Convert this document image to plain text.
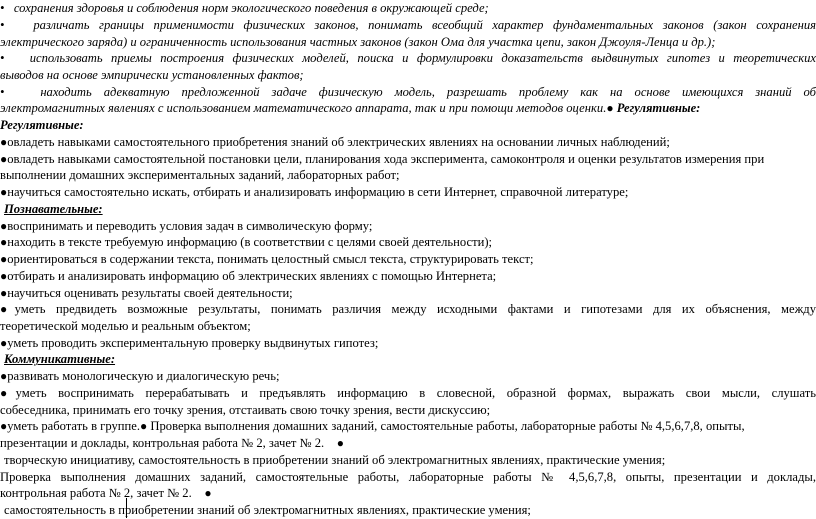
• сохранения здоровья и соблюдения норм экологического поведения в окружающей среде;
• различать границы применимости физических законов, понимать всеобщий характер фундаментальных законов (закон сохранения
электрического заряда) и ограниченность использования частных законов (закон Ома для участка цепи, закон Джоуля-Ленца и др.);
• использовать приемы построения физических моделей, поиска и формулировки доказательств выдвинутых гипотез и теоретических
выводов на основе эмпирически установленных фактов;
•	находить адекватную предложенной задаче физическую модель, разрешать проблему как на основе имеющихся знаний об
электромагнитных явлениях с использованием математического аппарата, так и при помощи методов оценки.● Регулятивные:
Регулятивные:
●овладеть навыками самостоятельного приобретения знаний об электрических явлениях на основании личных наблюдений;
●овладеть навыками самостоятельной постановки цели, планирования хода эксперимента, самоконтроля и оценки результатов измерения при
выполнении домашних экспериментальных заданий, лабораторных работ;
●научиться самостоятельно искать, отбирать и анализировать информацию в сети Интернет, справочной литературе;
Познавательные:
●воспринимать и переводить условия задач в символическую форму;
●находить в тексте требуемую информацию (в соответствии с целями своей деятельности);
●ориентироваться в содержании текста, понимать целостный смысл текста, структурировать текст;
●отбирать и анализировать информацию об электрических явлениях с помощью Интернета;
●научиться оценивать результаты своей деятельности;
●уметь предвидеть возможные результаты, понимать различия между исходными фактами и гипотезами для их объяснения, между
теоретической моделью и реальным объектом;
●уметь проводить экспериментальную проверку выдвинутых гипотез;
Коммуникативные:
●развивать монологическую и диалогическую речь;
●уметь воспринимать перерабатывать и предъявлять информацию в словесной, образной формах, выражать свои мысли, слушать
собеседника, принимать его точку зрения, отстаивать свою точку зрения, вести дискуссию;
●уметь работать в группе.● Проверка выполнения домашних заданий, самостоятельные работы, лабораторные работы № 4,5,6,7,8, опыты,
презентации и доклады, контрольная работа № 2, зачет № 2. ●
творческую инициативу, самостоятельность в приобретении знаний об электромагнитных явлениях, практические умения;
Проверка выполнения домашних заданий, самостоятельные работы, лабораторные работы № 4,5,6,7,8, опыты, презентации и доклады,
контрольная работа № 2, зачет № 2. ●
самостоятельность в приобретении знаний об электромагнитных явлениях, практические умения;
